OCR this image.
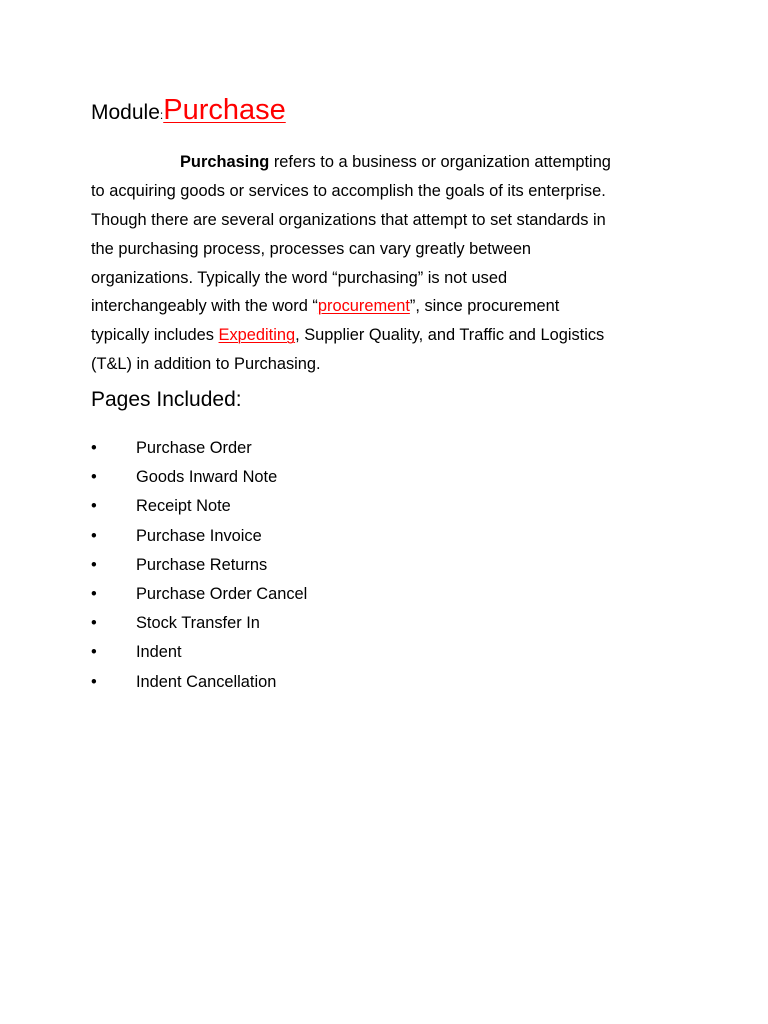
Module:Purchase
Purchasing refers to a business or organization attempting
to acquiring goods or services to accomplish the goals of its enterprise.
Though there are several organizations that attempt to set standards in
the purchasing process, processes can vary greatly between
organizations. Typically the word “purchasing” is not used
interchangeably with the word “procurement”, since procurement
typically includes Expediting, Supplier Quality, and Traffic and Logistics
(T&L) in addition to Purchasing.
Pages Included:
•	Purchase Order
•	Goods Inward Note
•	Receipt Note
•	Purchase Invoice
•	Purchase Returns
•	Purchase Order Cancel
•	Stock Transfer In
•	Indent
•	Indent Cancellation
